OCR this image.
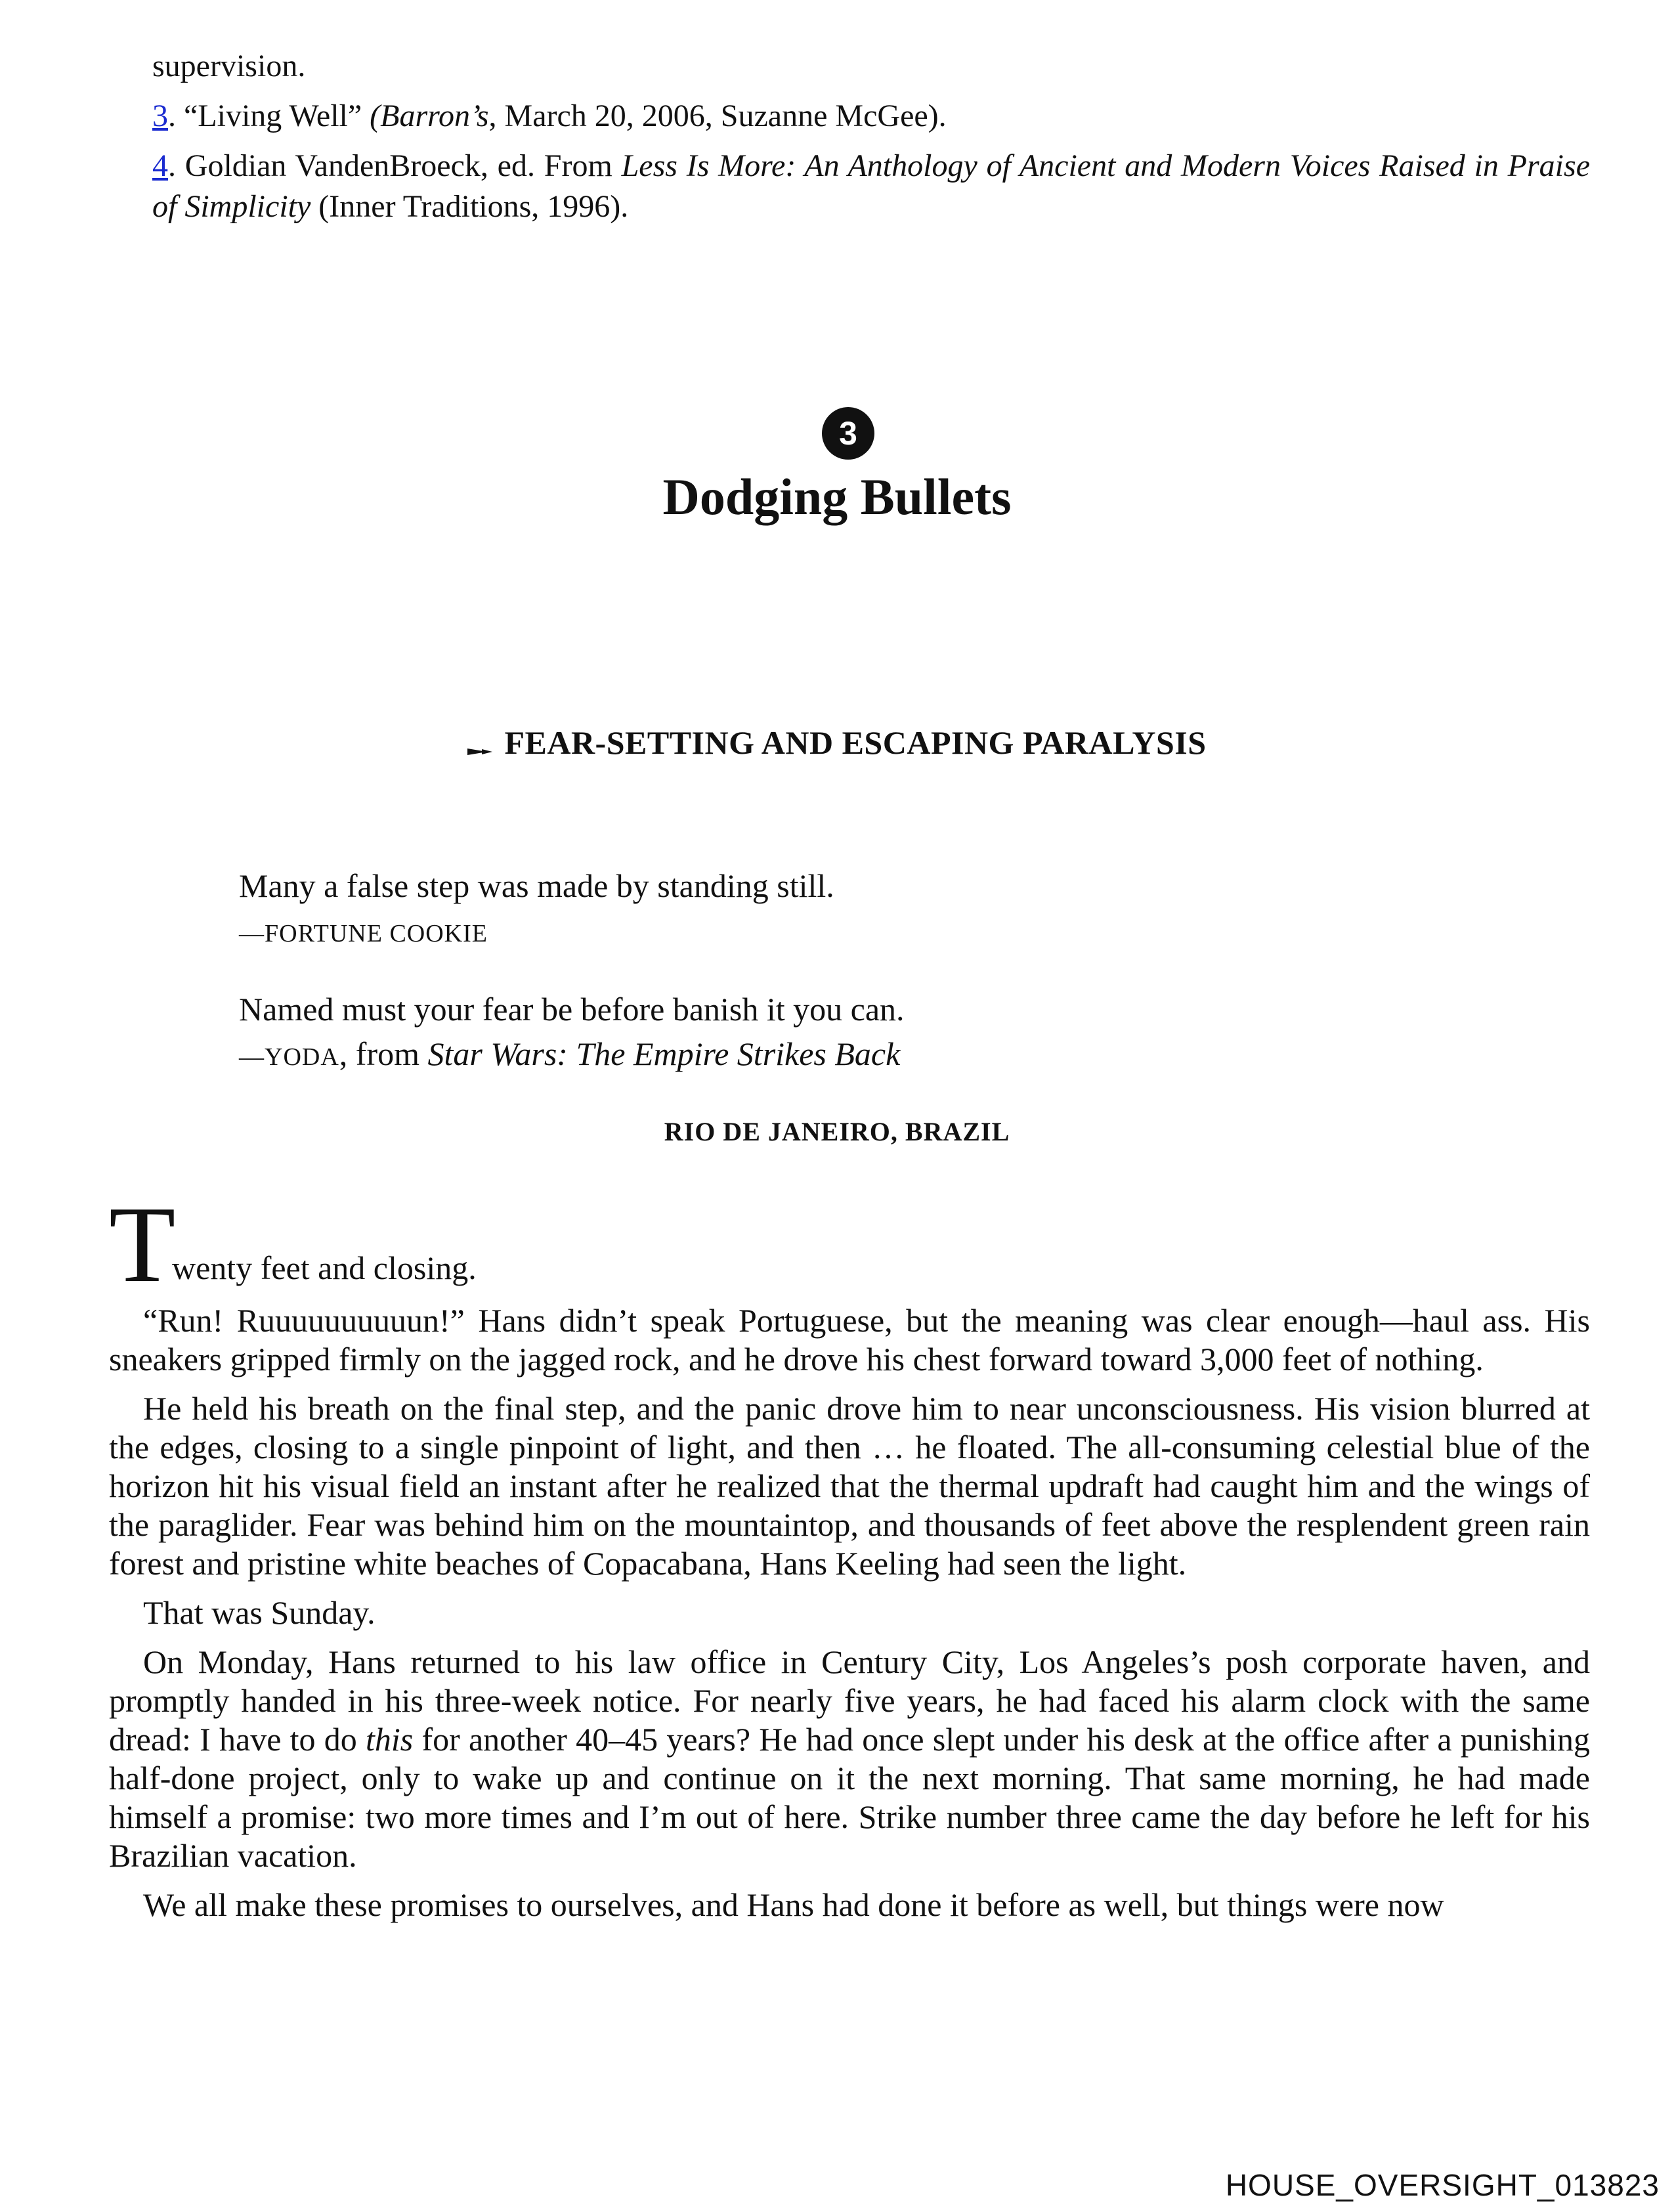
supervision.

3. “Living Well” (Barron’s, March 20, 2006, Suzanne McGee).

4. Goldian VandenBroeck, ed. From Less Is More: An Anthology of Ancient and Modern Voices Raised in Praise of Simplicity (Inner Traditions, 1996).

3
Dodging Bullets
FEAR-SETTING AND ESCAPING PARALYSIS
Many a false step was made by standing still.
—FORTUNE COOKIE
Named must your fear be before banish it you can.
—YODA, from Star Wars: The Empire Strikes Back
RIO DE JANEIRO, BRAZIL
T
wenty feet and closing.

“Run! Ruuuuuuuuuun!” Hans didn’t speak Portuguese, but the meaning was clear enough—haul ass. His sneakers gripped firmly on the jagged rock, and he drove his chest forward toward 3,000 feet of nothing.

He held his breath on the final step, and the panic drove him to near unconsciousness. His vision blurred at the edges, closing to a single pinpoint of light, and then … he floated. The all-consuming celestial blue of the horizon hit his visual field an instant after he realized that the thermal updraft had caught him and the wings of the paraglider. Fear was behind him on the mountaintop, and thousands of feet above the resplendent green rain forest and pristine white beaches of Copacabana, Hans Keeling had seen the light.

That was Sunday.

On Monday, Hans returned to his law office in Century City, Los Angeles’s posh corporate haven, and promptly handed in his three-week notice. For nearly five years, he had faced his alarm clock with the same dread: I have to do this for another 40–45 years? He had once slept under his desk at the office after a punishing half-done project, only to wake up and continue on it the next morning. That same morning, he had made himself a promise: two more times and I’m out of here. Strike number three came the day before he left for his Brazilian vacation.

We all make these promises to ourselves, and Hans had done it before as well, but things were now

HOUSE_OVERSIGHT_013823
